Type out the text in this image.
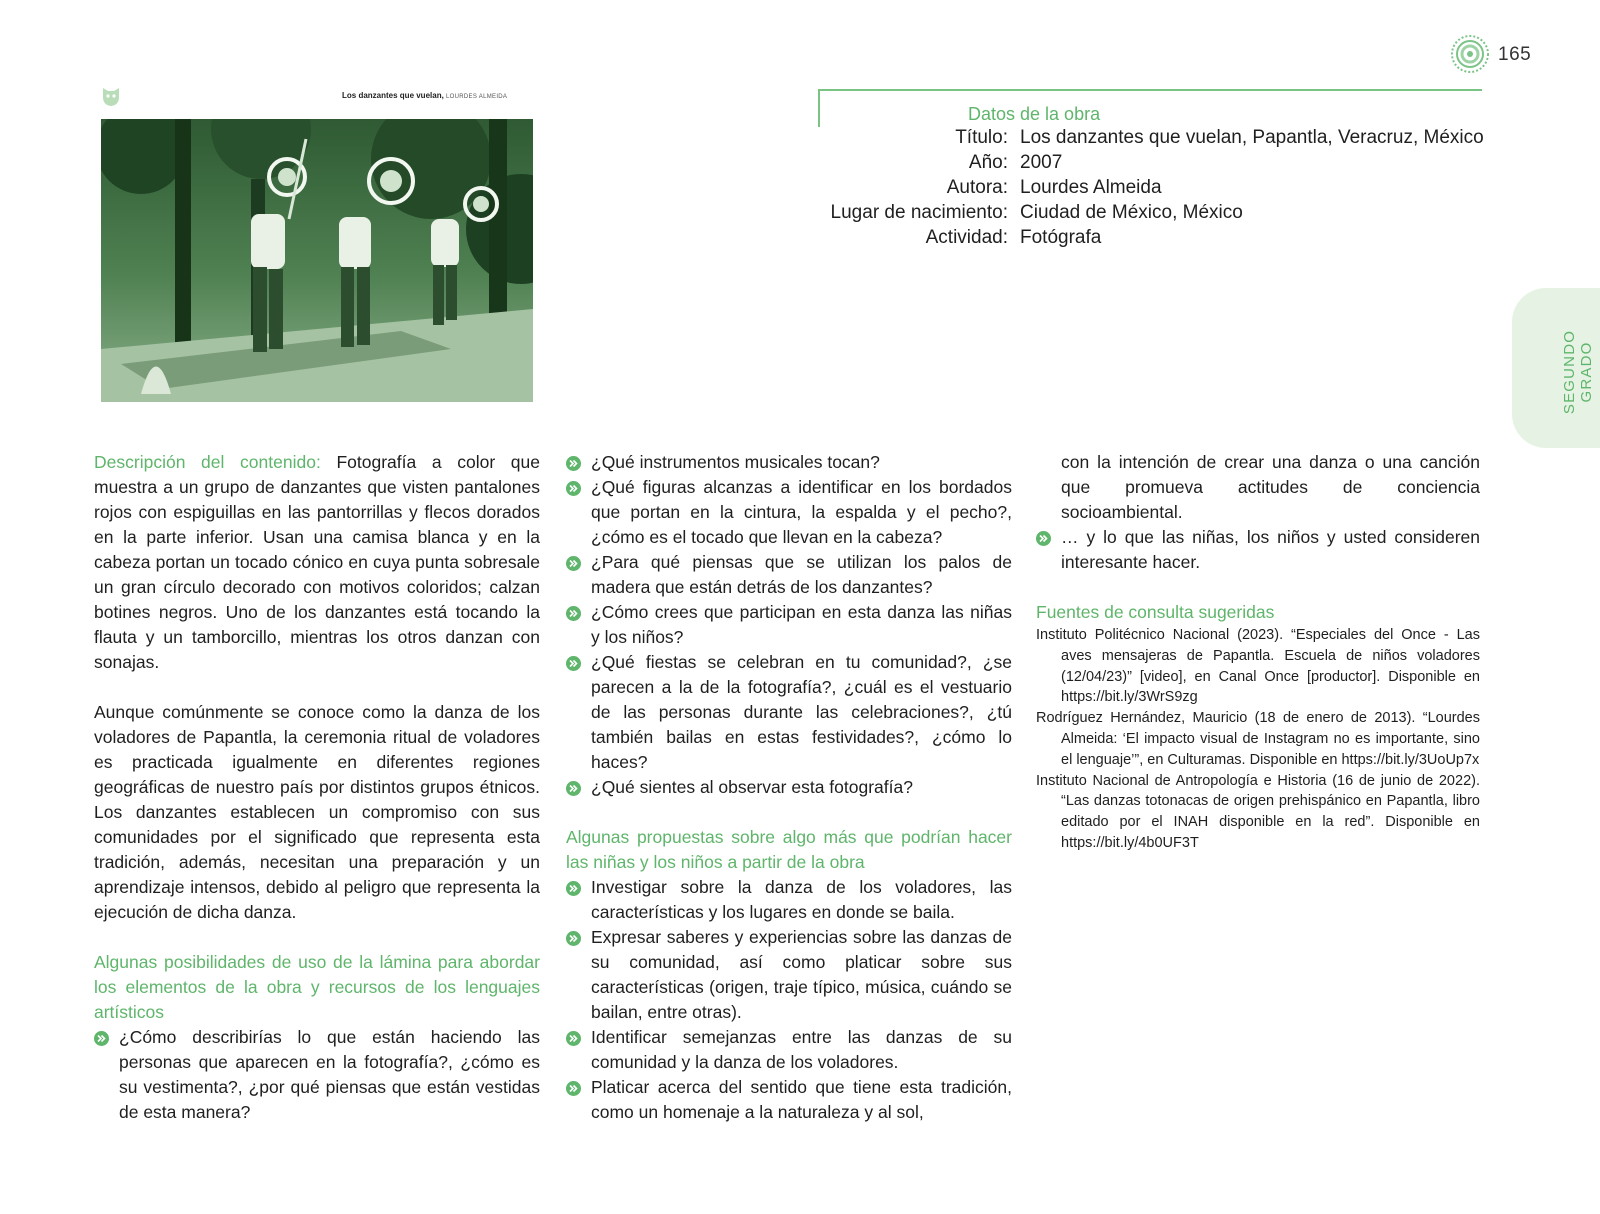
165
Los danzantes que vuelan, LOURDES ALMEIDA
Datos de la obra
Título: Los danzantes que vuelan, Papantla, Veracruz, México
Año: 2007
Autora: Lourdes Almeida
Lugar de nacimiento: Ciudad de México, México
Actividad: Fotógrafa
SEGUNDO GRADO

Descripción del contenido: Fotografía a color que muestra a un grupo de danzantes que visten pantalones rojos con espiguillas en las pantorrillas y flecos dorados en la parte inferior. Usan una camisa blanca y en la cabeza portan un tocado cónico en cuya punta sobresale un gran círculo decorado con motivos coloridos; calzan botines negros. Uno de los danzantes está tocando la flauta y un tamborcillo, mientras los otros danzan con sonajas.

Aunque comúnmente se conoce como la danza de los voladores de Papantla, la ceremonia ritual de voladores es practicada igualmente en diferentes regiones geográficas de nuestro país por distintos grupos étnicos. Los danzantes establecen un compromiso con sus comunidades por el significado que representa esta tradición, además, necesitan una preparación y un aprendizaje intensos, debido al peligro que representa la ejecución de dicha danza.

Algunas posibilidades de uso de la lámina para abordar los elementos de la obra y recursos de los lenguajes artísticos
¿Cómo describirías lo que están haciendo las personas que aparecen en la fotografía?, ¿cómo es su vestimenta?, ¿por qué piensas que están vestidas de esta manera?
¿Qué instrumentos musicales tocan?
¿Qué figuras alcanzas a identificar en los bordados que portan en la cintura, la espalda y el pecho?, ¿cómo es el tocado que llevan en la cabeza?
¿Para qué piensas que se utilizan los palos de madera que están detrás de los danzantes?
¿Cómo crees que participan en esta danza las niñas y los niños?
¿Qué fiestas se celebran en tu comunidad?, ¿se parecen a la de la fotografía?, ¿cuál es el vestuario de las personas durante las celebraciones?, ¿tú también bailas en estas festividades?, ¿cómo lo haces?
¿Qué sientes al observar esta fotografía?
Algunas propuestas sobre algo más que podrían hacer las niñas y los niños a partir de la obra
Investigar sobre la danza de los voladores, las características y los lugares en donde se baila.
Expresar saberes y experiencias sobre las danzas de su comunidad, así como platicar sobre sus características (origen, traje típico, música, cuándo se bailan, entre otras).
Identificar semejanzas entre las danzas de su comunidad y la danza de los voladores.
Platicar acerca del sentido que tiene esta tradición, como un homenaje a la naturaleza y al sol,
con la intención de crear una danza o una canción que promueva actitudes de conciencia socioambiental.
… y lo que las niñas, los niños y usted consideren interesante hacer.
Fuentes de consulta sugeridas

Instituto Politécnico Nacional (2023). “Especiales del Once - Las aves mensajeras de Papantla. Escuela de niños voladores (12/04/23)” [video], en Canal Once [productor]. Disponible en https://bit.ly/3WrS9zg

Rodríguez Hernández, Mauricio (18 de enero de 2013). “Lourdes Almeida: ‘El impacto visual de Instagram no es importante, sino el lenguaje’”, en Culturamas. Disponible en https://bit.ly/3UoUp7x

Instituto Nacional de Antropología e Historia (16 de junio de 2022). “Las danzas totonacas de origen prehispánico en Papantla, libro editado por el INAH disponible en la red”. Disponible en https://bit.ly/4b0UF3T
